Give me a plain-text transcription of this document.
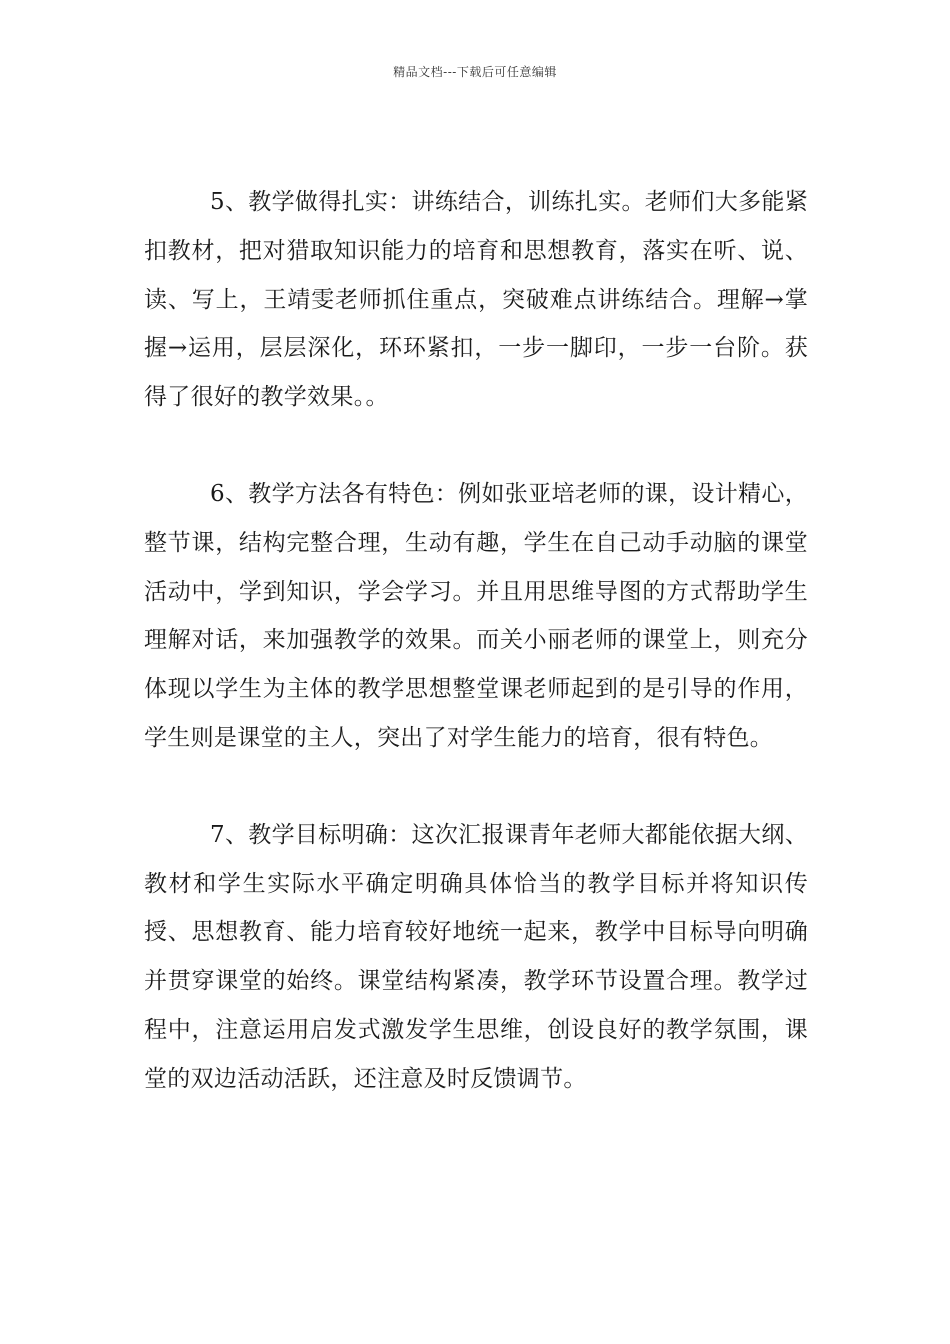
精品文档---下载后可任意编辑

5、教学做得扎实：讲练结合，训练扎实。老师们大多能紧扣教材，把对猎取知识能力的培育和思想教育，落实在听、说、读、写上，王靖雯老师抓住重点，突破难点讲练结合。理解→掌握→运用，层层深化，环环紧扣，一步一脚印，一步一台阶。获得了很好的教学效果。。

6、教学方法各有特色：例如张亚培老师的课，设计精心，整节课，结构完整合理，生动有趣，学生在自己动手动脑的课堂活动中，学到知识，学会学习。并且用思维导图的方式帮助学生理解对话，来加强教学的效果。而关小丽老师的课堂上，则充分体现以学生为主体的教学思想整堂课老师起到的是引导的作用，学生则是课堂的主人，突出了对学生能力的培育，很有特色。

7、教学目标明确：这次汇报课青年老师大都能依据大纲、教材和学生实际水平确定明确具体恰当的教学目标并将知识传授、思想教育、能力培育较好地统一起来，教学中目标导向明确并贯穿课堂的始终。课堂结构紧凑，教学环节设置合理。教学过程中，注意运用启发式激发学生思维，创设良好的教学氛围，课堂的双边活动活跃，还注意及时反馈调节。
